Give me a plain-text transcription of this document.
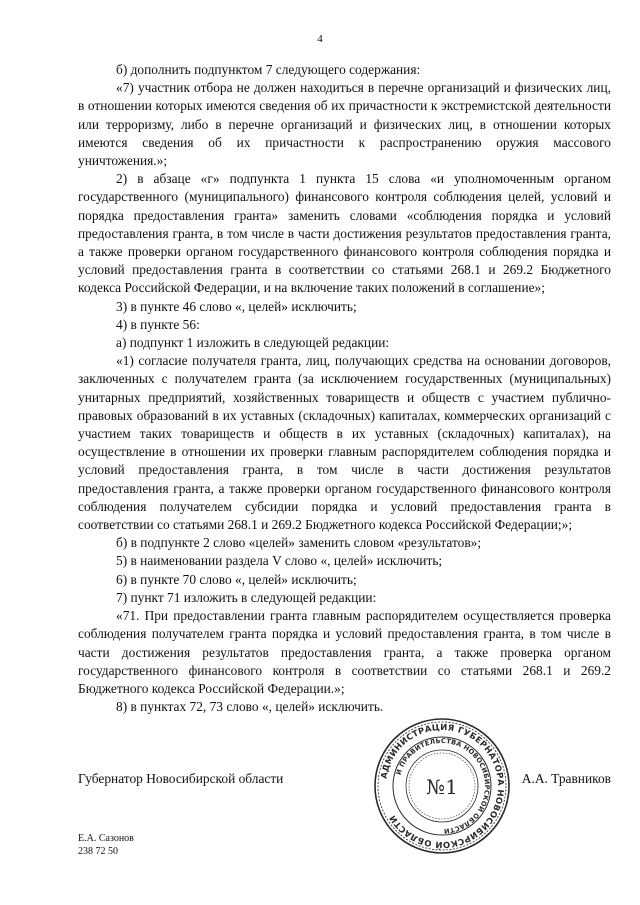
4

б) дополнить подпунктом 7 следующего содержания:

«7) участник отбора не должен находиться в перечне организаций и физических лиц, в отношении которых имеются сведения об их причастности к экстремистской деятельности или терроризму, либо в перечне организаций и физических лиц, в отношении которых имеются сведения об их причастности к распространению оружия массового уничтожения.»;

2) в абзаце «г» подпункта 1 пункта 15 слова «и уполномоченным органом государственного (муниципального) финансового контроля соблюдения целей, условий и порядка предоставления гранта» заменить словами «соблюдения порядка и условий предоставления гранта, в том числе в части достижения результатов предоставления гранта, а также проверки органом государственного финансового контроля соблюдения порядка и условий предоставления гранта в соответствии со статьями 268.1 и 269.2 Бюджетного кодекса Российской Федерации, и на включение таких положений в соглашение»;

3) в пункте 46 слово «, целей» исключить;

4) в пункте 56:

а) подпункт 1 изложить в следующей редакции:

«1) согласие получателя гранта, лиц, получающих средства на основании договоров, заключенных с получателем гранта (за исключением государственных (муниципальных) унитарных предприятий, хозяйственных товариществ и обществ с участием публично-правовых образований в их уставных (складочных) капиталах, коммерческих организаций с участием таких товариществ и обществ в их уставных (складочных) капиталах), на осуществление в отношении их проверки главным распорядителем соблюдения порядка и условий предоставления гранта, в том числе в части достижения результатов предоставления гранта, а также проверки органом государственного финансового контроля соблюдения получателем субсидии порядка и условий предоставления гранта в соответствии со статьями 268.1 и 269.2 Бюджетного кодекса Российской Федерации;»;

б) в подпункте 2 слово «целей» заменить словом «результатов»;

5) в наименовании раздела V слово «, целей» исключить;

6) в пункте 70 слово «, целей» исключить;

7) пункт 71 изложить в следующей редакции:

«71. При предоставлении гранта главным распорядителем осуществляется проверка соблюдения получателем гранта порядка и условий предоставления гранта, в том числе в части достижения результатов предоставления гранта, а также проверка органом государственного финансового контроля в соответствии со статьями 268.1 и 269.2 Бюджетного кодекса Российской Федерации.»;

8) в пунктах 72, 73 слово «, целей» исключить.

Губернатор Новосибирской области	А.А. Травников
АДМИНИСТРАЦИЯ ГУБЕРНАТОРА НОВОСИБИРСКОЙ ОБЛАСТИ
И ПРАВИТЕЛЬСТВА НОВОСИБИРСКОЙ ОБЛАСТИ
№1
Е.А. Сазонов
238 72 50
